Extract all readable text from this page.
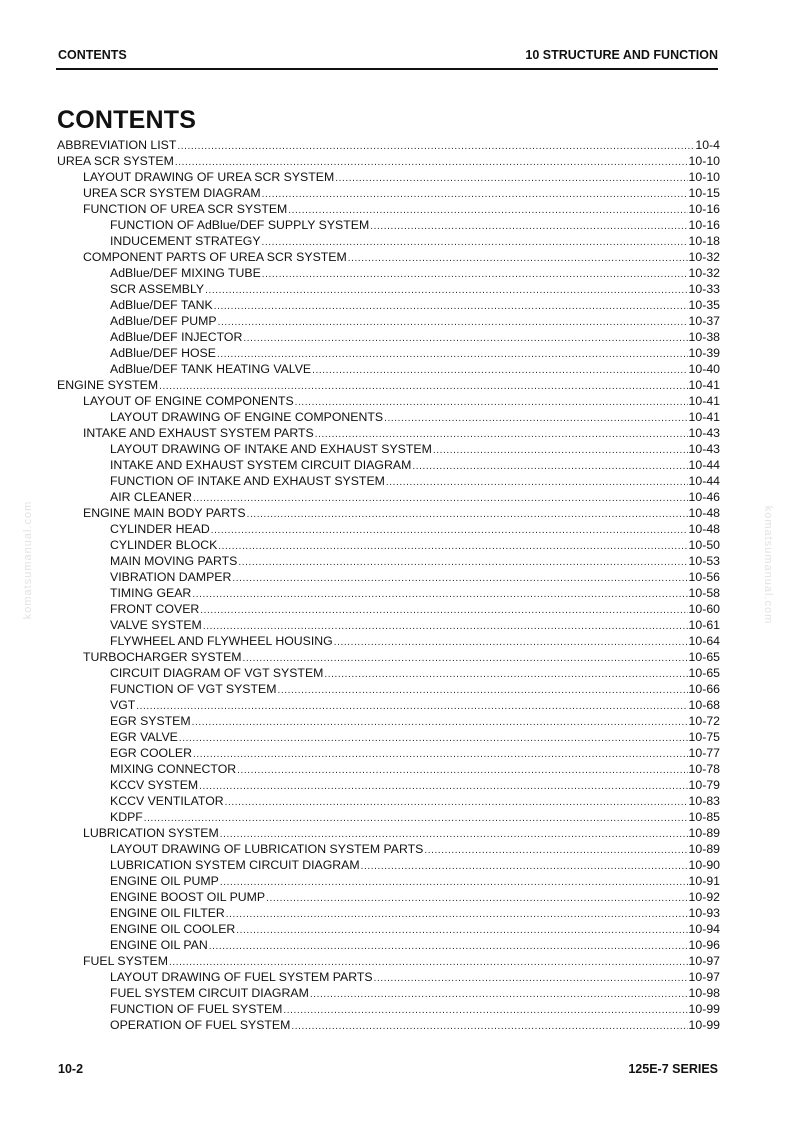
CONTENTS	10 STRUCTURE AND FUNCTION
CONTENTS
ABBREVIATION LIST .....	10-4
UREA SCR SYSTEM .....	10-10
LAYOUT DRAWING OF UREA SCR SYSTEM .....	10-10
UREA SCR SYSTEM DIAGRAM .....	10-15
FUNCTION OF UREA SCR SYSTEM .....	10-16
FUNCTION OF AdBlue/DEF SUPPLY SYSTEM .....	10-16
INDUCEMENT STRATEGY .....	10-18
COMPONENT PARTS OF UREA SCR SYSTEM .....	10-32
AdBlue/DEF MIXING TUBE .....	10-32
SCR ASSEMBLY .....	10-33
AdBlue/DEF TANK .....	10-35
AdBlue/DEF PUMP .....	10-37
AdBlue/DEF INJECTOR .....	10-38
AdBlue/DEF HOSE .....	10-39
AdBlue/DEF TANK HEATING VALVE .....	10-40
ENGINE SYSTEM .....	10-41
LAYOUT OF ENGINE COMPONENTS .....	10-41
LAYOUT DRAWING OF ENGINE COMPONENTS .....	10-41
INTAKE AND EXHAUST SYSTEM PARTS .....	10-43
LAYOUT DRAWING OF INTAKE AND EXHAUST SYSTEM .....	10-43
INTAKE AND EXHAUST SYSTEM CIRCUIT DIAGRAM .....	10-44
FUNCTION OF INTAKE AND EXHAUST SYSTEM .....	10-44
AIR CLEANER .....	10-46
ENGINE MAIN BODY PARTS .....	10-48
CYLINDER HEAD .....	10-48
CYLINDER BLOCK .....	10-50
MAIN MOVING PARTS .....	10-53
VIBRATION DAMPER .....	10-56
TIMING GEAR .....	10-58
FRONT COVER .....	10-60
VALVE SYSTEM .....	10-61
FLYWHEEL AND FLYWHEEL HOUSING .....	10-64
TURBOCHARGER SYSTEM .....	10-65
CIRCUIT DIAGRAM OF VGT SYSTEM .....	10-65
FUNCTION OF VGT SYSTEM .....	10-66
VGT .....	10-68
EGR SYSTEM .....	10-72
EGR VALVE .....	10-75
EGR COOLER .....	10-77
MIXING CONNECTOR .....	10-78
KCCV SYSTEM .....	10-79
KCCV VENTILATOR .....	10-83
KDPF .....	10-85
LUBRICATION SYSTEM .....	10-89
LAYOUT DRAWING OF LUBRICATION SYSTEM PARTS .....	10-89
LUBRICATION SYSTEM CIRCUIT DIAGRAM .....	10-90
ENGINE OIL PUMP .....	10-91
ENGINE BOOST OIL PUMP .....	10-92
ENGINE OIL FILTER .....	10-93
ENGINE OIL COOLER .....	10-94
ENGINE OIL PAN .....	10-96
FUEL SYSTEM .....	10-97
LAYOUT DRAWING OF FUEL SYSTEM PARTS .....	10-97
FUEL SYSTEM CIRCUIT DIAGRAM .....	10-98
FUNCTION OF FUEL SYSTEM .....	10-99
OPERATION OF FUEL SYSTEM .....	10-99
komatsumanual.com	komatsumanual.com
10-2	125E-7 SERIES
